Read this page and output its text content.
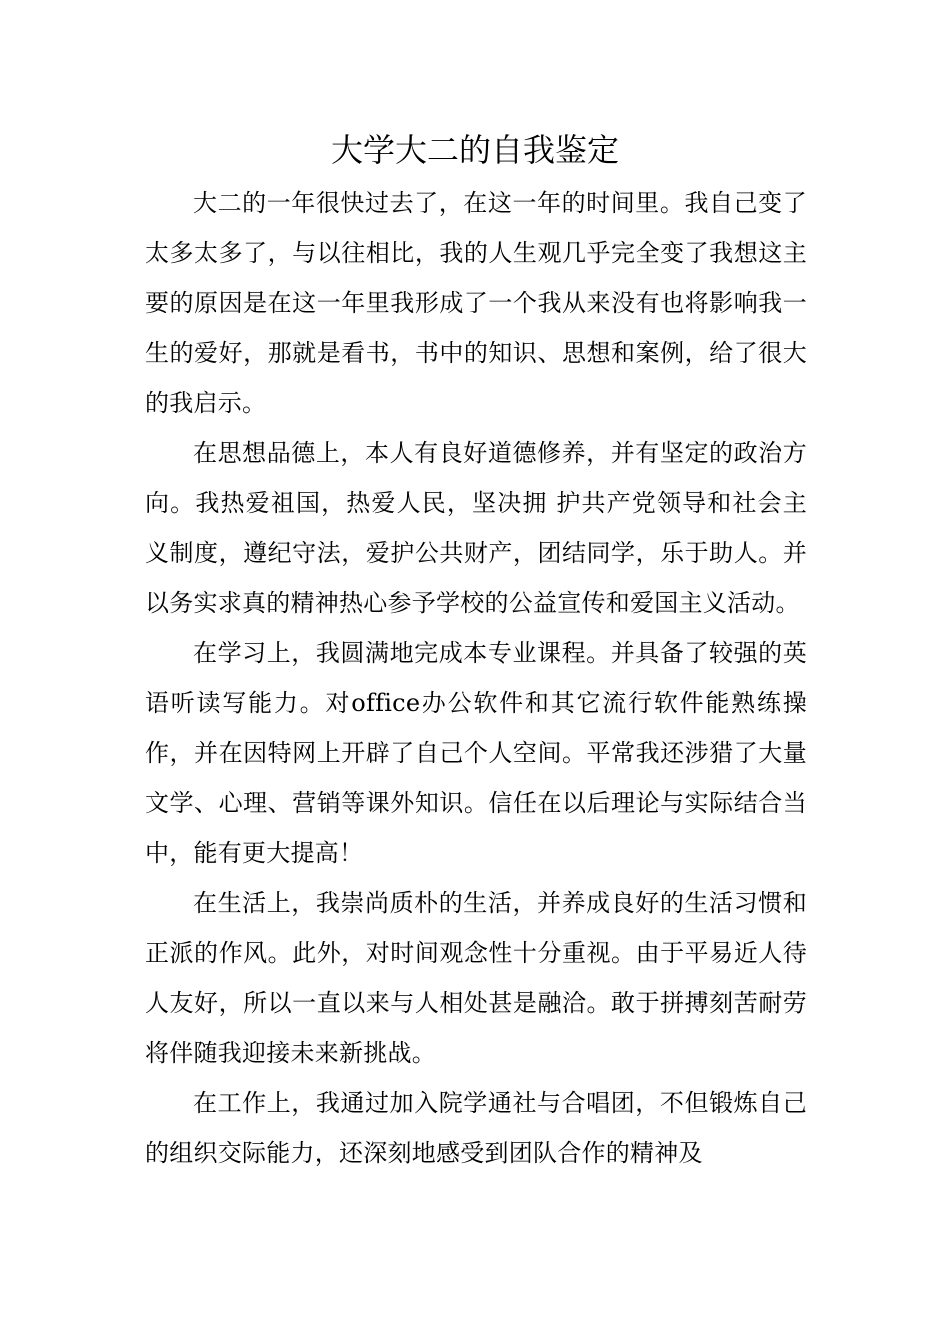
大学大二的自我鉴定

大二的一年很快过去了，在这一年的时间里。我自己变了太多太多了，与以往相比，我的人生观几乎完全变了我想这主要的原因是在这一年里我形成了一个我从来没有也将影响我一生的爱好，那就是看书，书中的知识、思想和案例，给了很大的我启示。

在思想品德上，本人有良好道德修养，并有坚定的政治方向。我热爱祖国，热爱人民，坚决拥 护共产党领导和社会主义制度，遵纪守法，爱护公共财产，团结同学，乐于助人。并以务实求真的精神热心参予学校的公益宣传和爱国主义活动。

在学习上，我圆满地完成本专业课程。并具备了较强的英语听读写能力。对office办公软件和其它流行软件能熟练操作，并在因特网上开辟了自己个人空间。平常我还涉猎了大量文学、心理、营销等课外知识。信任在以后理论与实际结合当中，能有更大提高！

在生活上，我崇尚质朴的生活，并养成良好的生活习惯和正派的作风。此外，对时间观念性十分重视。由于平易近人待人友好，所以一直以来与人相处甚是融洽。敢于拼搏刻苦耐劳将伴随我迎接未来新挑战。

在工作上，我通过加入院学通社与合唱团，不但锻炼自己的组织交际能力，还深刻地感受到团队合作的精神及
